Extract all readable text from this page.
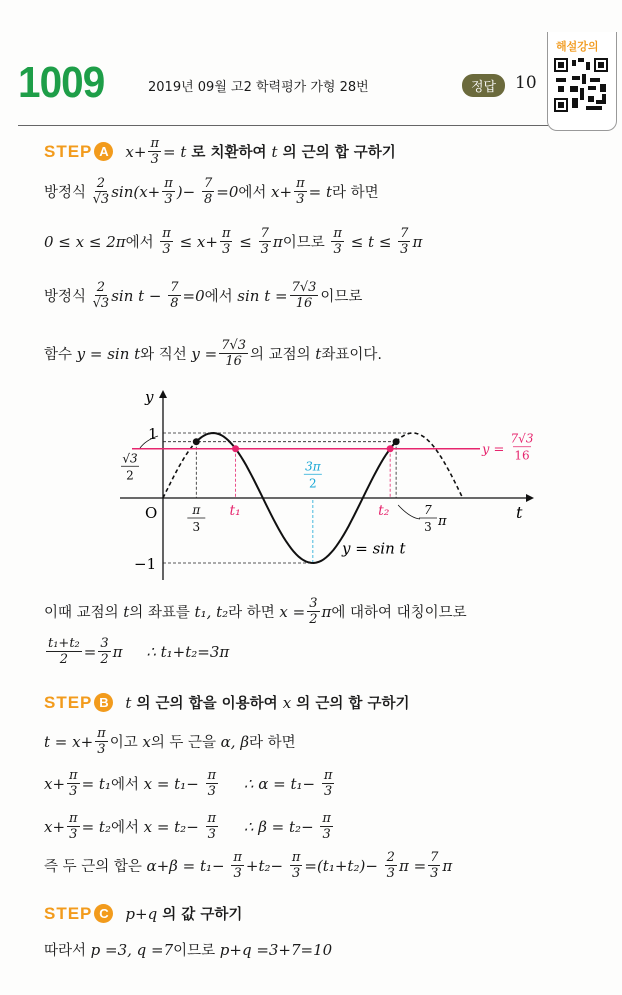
1009	2019년 09월 고2 학력평가 가형 28번	정답	10
해설강의
STEP A	$x+ \frac{\pi}{3} = t$ 로 치환하여 t 의 근의 합 구하기
방정식 $\frac{2}{√3} \sin(x+ \frac{\pi}{3}$ )− $\frac{7}{8} =0$ 에서 $x+ \frac{\pi}{3} = t$ 라 하면
0 ≤ x ≤ 2π 에서 $\frac{\pi}{3} \le x+ \frac{\pi}{3} \le \frac{7}{3}$ π 이므로 $\frac{\pi}{3} \le t \le \frac{7}{3}$ π
방정식 $\frac{2}{√3}$ $\sin t - \frac{7}{8} =0$ 에서 $\sin t = \frac{7√3}{16}$ 이므로
함수 y = sin t 와 직선 $y = \frac{7√3}{16}$ 의 교점의 t 좌표이다.
y
t
O
1
−1
√3
2
π
3
t₁	t₂
3π
2
7
3 π
y = sin t
y =
7√3
16
이때 교점의 t 의 좌표를 t₁, t₂ 라 하면 $x = \frac{3}{2}$ π 에 대하여 대칭이므로
$\frac{\text{t₁+t₂}}{2} = \frac{3}{2}$ π     ∴ t₁+t₂=3π
STEP B	t 의 근의 합을 이용하여 x 의 근의 합 구하기
$t = x+ \frac{\pi}{3}$ 이고 x 의 두 근을 α, β 라 하면
$x+ \frac{\pi}{3} = t_1$ 에서 $x = t_1- \frac{\pi}{3}$ ∴ $\alpha = t_1- \frac{\pi}{3}$
$x+ \frac{\pi}{3} = t_2$ 에서 $x = t_2- \frac{\pi}{3}$ ∴ $\beta = t_2- \frac{\pi}{3}$
즉 두 근의 합은 $\alpha+\beta = t_1- \frac{\pi}{3} +t_2- \frac{\pi}{3} =(t_1+t_2)- \frac{2}{3}$ $\pi = \frac{7}{3}$ π
STEP C	p+q 의 값 구하기
따라서 p =3, q =7 이므로 p+q =3+7=10
